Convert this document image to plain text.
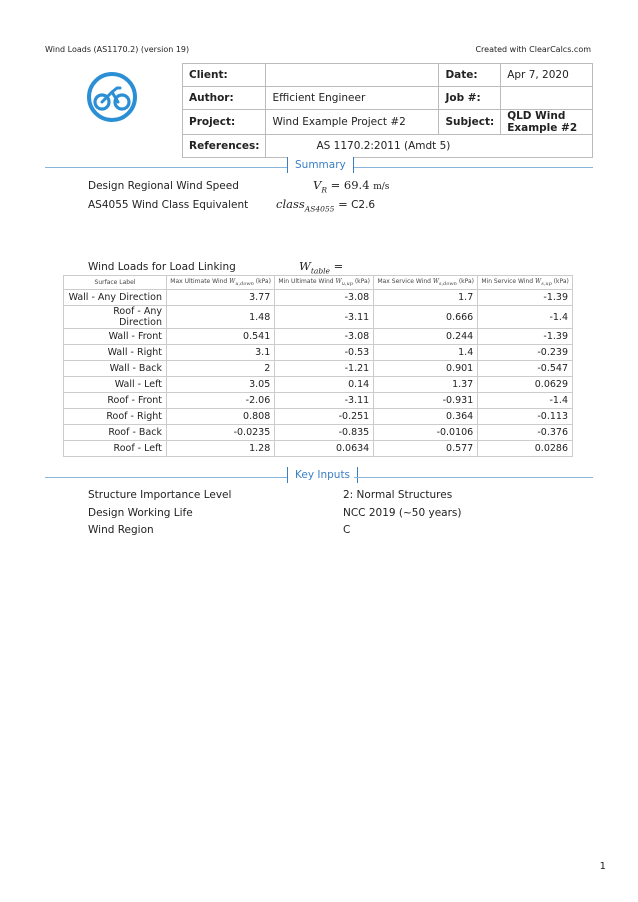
Wind Loads (AS1170.2) (version 19)	Created with ClearCalcs.com
Client:		Date:	Apr 7, 2020
Author:	Efficient Engineer	Job #:	
Project:	Wind Example Project #2	Subject:	QLD Wind Example #2
References:	AS 1170.2:2011 (Amdt 5)		
Summary
Design Regional Wind Speed	$V_R = 69.4$ m/s
AS4055 Wind Class Equivalent class$_{AS4055}$ = C2.6
Wind Loads for Load Linking	$W_{table}$ =
Surface Label	Max Ultimate Wind $W_{u,down}$ (kPa)	Min Ultimate Wind $W_{u,up}$ (kPa)	Max Service Wind $W_{s,down}$ (kPa)	Min Service Wind $W_{s,up}$ (kPa)
Wall - Any Direction	3.77	-3.08	1.7	-1.39
Roof - Any Direction	1.48	-3.11	0.666	-1.4
Wall - Front	0.541	-3.08	0.244	-1.39
Wall - Right	3.1	-0.53	1.4	-0.239
Wall - Back	2	-1.21	0.901	-0.547
Wall - Left	3.05	0.14	1.37	0.0629
Roof - Front	-2.06	-3.11	-0.931	-1.4
Roof - Right	0.808	-0.251	0.364	-0.113
Roof - Back	-0.0235	-0.835	-0.0106	-0.376
Roof - Left	1.28	0.0634	0.577	0.0286
Key Inputs
Structure Importance Level	2: Normal Structures
Design Working Life	NCC 2019 (~50 years)
Wind Region	C
1
